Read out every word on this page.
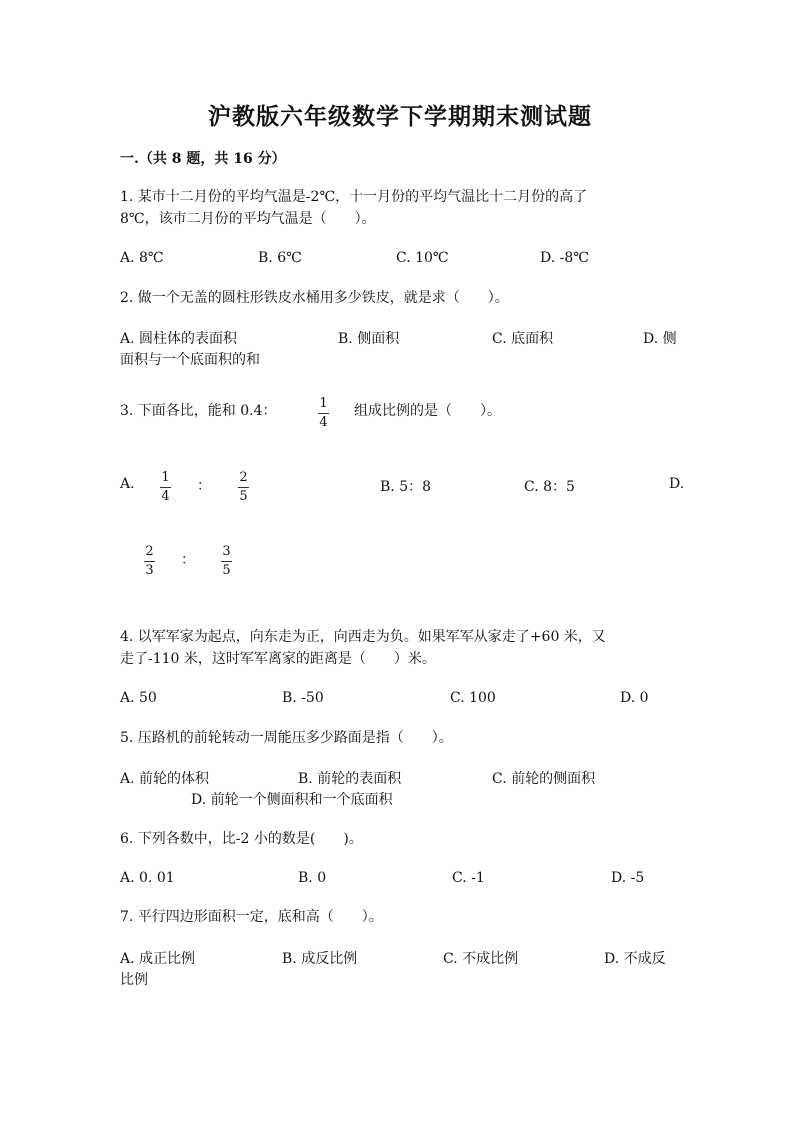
沪教版六年级数学下学期期末测试题
一.（共 8 题，共 16 分）
1. 某市十二月份的平均气温是-2℃，十一月份的平均气温比十二月份的高了
8℃，该市二月份的平均气温是（　　）。
A. 8℃	B. 6℃	C. 10℃	D. -8℃
2. 做一个无盖的圆柱形铁皮水桶用多少铁皮，就是求（　　）。
A. 圆柱体的表面积	B. 侧面积	C. 底面积	D. 侧
面积与一个底面积的和
3. 下面各比，能和 0.4：	1
4
组成比例的是（　　）。
A. 1
4
：
2
5
B. 5：8	C. 8：5	D.
2
3
：
3
5
4. 以军军家为起点，向东走为正，向西走为负。如果军军从家走了+60 米，又
走了-110 米，这时军军离家的距离是（　　）米。
A. 50	B. -50	C. 100	D. 0
5. 压路机的前轮转动一周能压多少路面是指（　　）。
A. 前轮的体积	B. 前轮的表面积	C. 前轮的侧面积
D. 前轮一个侧面积和一个底面积
6. 下列各数中，比-2 小的数是(　　)。
A. 0. 01	B. 0	C. -1	D. -5
7. 平行四边形面积一定，底和高（　　）。
A. 成正比例	B. 成反比例	C. 不成比例	D. 不成反
比例
